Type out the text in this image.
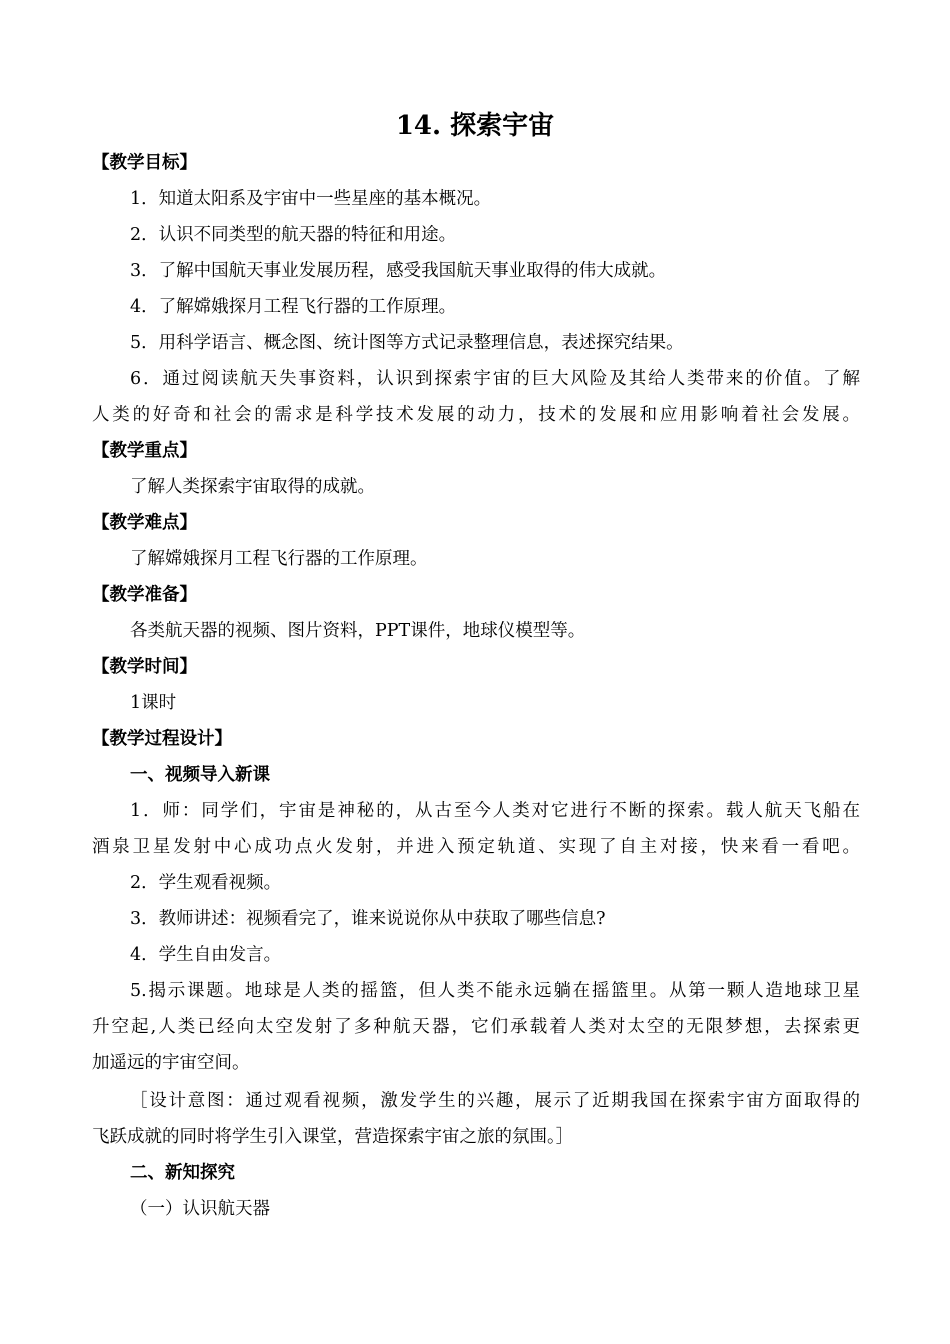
14. 探索宇宙
【教学目标】
1．知道太阳系及宇宙中一些星座的基本概况。
2．认识不同类型的航天器的特征和用途。
3．了解中国航天事业发展历程，感受我国航天事业取得的伟大成就。
4．了解嫦娥探月工程飞行器的工作原理。
5．用科学语言、概念图、统计图等方式记录整理信息，表述探究结果。
6．通过阅读航天失事资料，认识到探索宇宙的巨大风险及其给人类带来的价值。了解
人类的好奇和社会的需求是科学技术发展的动力，技术的发展和应用影响着社会发展。
【教学重点】
了解人类探索宇宙取得的成就。
【教学难点】
了解嫦娥探月工程飞行器的工作原理。
【教学准备】
各类航天器的视频、图片资料，PPT课件，地球仪模型等。
【教学时间】
1课时
【教学过程设计】
一、视频导入新课
1．师：同学们，宇宙是神秘的，从古至今人类对它进行不断的探索。载人航天飞船在
酒泉卫星发射中心成功点火发射，并进入预定轨道、实现了自主对接，快来看一看吧。
2．学生观看视频。
3．教师讲述：视频看完了，谁来说说你从中获取了哪些信息?
4．学生自由发言。
5.揭示课题。地球是人类的摇篮，但人类不能永远躺在摇篮里。从第一颗人造地球卫星
升空起,人类已经向太空发射了多种航天器，它们承载着人类对太空的无限梦想，去探索更
加遥远的宇宙空间。
［设计意图：通过观看视频，激发学生的兴趣，展示了近期我国在探索宇宙方面取得的
飞跃成就的同时将学生引入课堂，营造探索宇宙之旅的氛围。］
二、新知探究
（一）认识航天器
